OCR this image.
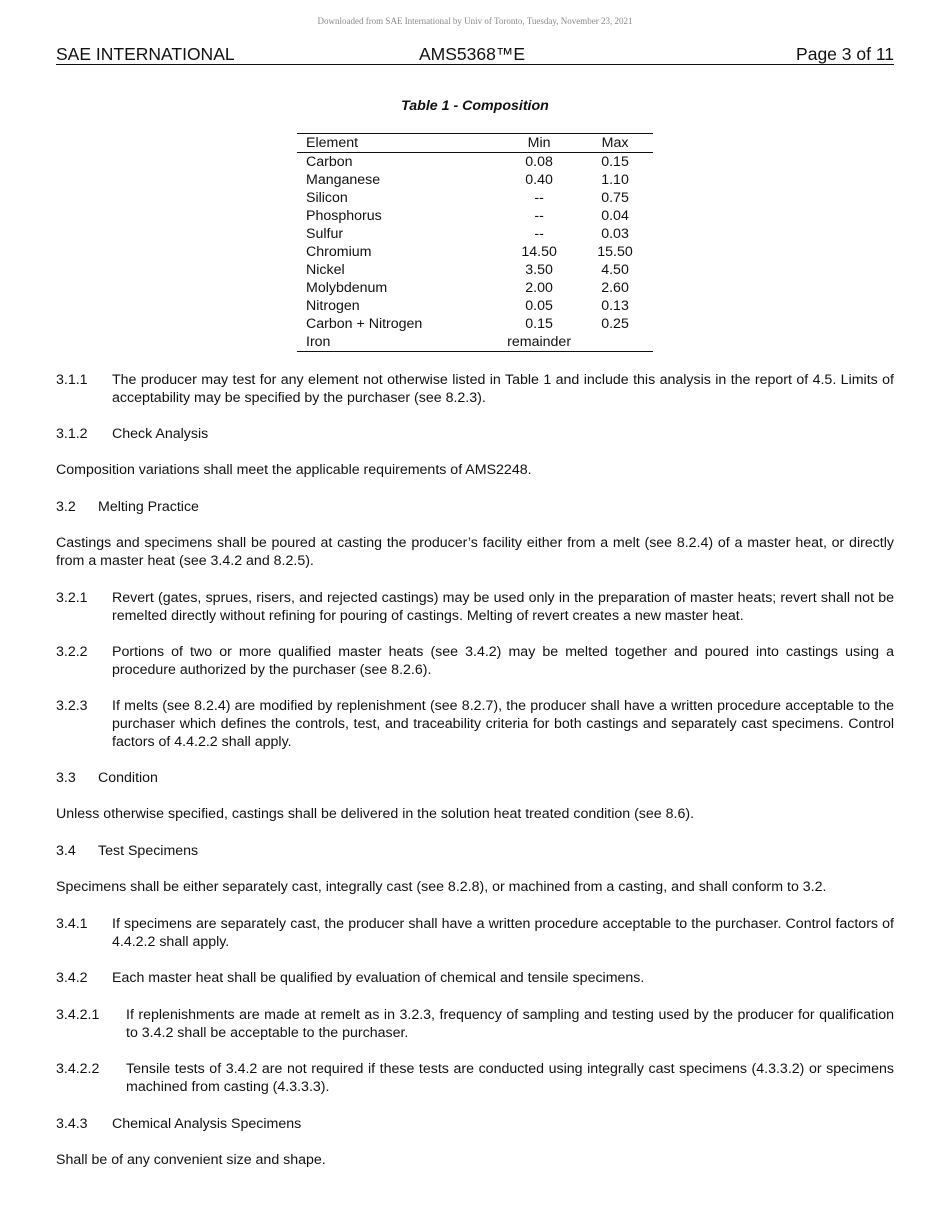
Downloaded from SAE International by Univ of Toronto, Tuesday, November 23, 2021
SAE INTERNATIONAL	AMS5368™E	Page 3 of 11
Table 1 - Composition
Element	Min	Max
Carbon	0.08	0.15
Manganese	0.40	1.10
Silicon	--	0.75
Phosphorus	--	0.04
Sulfur	--	0.03
Chromium	14.50	15.50
Nickel	3.50	4.50
Molybdenum	2.00	2.60
Nitrogen	0.05	0.13
Carbon + Nitrogen	0.15	0.25
Iron	remainder	
3.1.1 The producer may test for any element not otherwise listed in Table 1 and include this analysis in the report of 4.5. Limits of acceptability may be specified by the purchaser (see 8.2.3).
3.1.2 Check Analysis
Composition variations shall meet the applicable requirements of AMS2248.
3.2 Melting Practice
Castings and specimens shall be poured at casting the producer’s facility either from a melt (see 8.2.4) of a master heat, or directly from a master heat (see 3.4.2 and 8.2.5).
3.2.1 Revert (gates, sprues, risers, and rejected castings) may be used only in the preparation of master heats; revert shall not be remelted directly without refining for pouring of castings. Melting of revert creates a new master heat.
3.2.2 Portions of two or more qualified master heats (see 3.4.2) may be melted together and poured into castings using a procedure authorized by the purchaser (see 8.2.6).
3.2.3 If melts (see 8.2.4) are modified by replenishment (see 8.2.7), the producer shall have a written procedure acceptable to the purchaser which defines the controls, test, and traceability criteria for both castings and separately cast specimens. Control factors of 4.4.2.2 shall apply.
3.3 Condition
Unless otherwise specified, castings shall be delivered in the solution heat treated condition (see 8.6).
3.4 Test Specimens
Specimens shall be either separately cast, integrally cast (see 8.2.8), or machined from a casting, and shall conform to 3.2.
3.4.1 If specimens are separately cast, the producer shall have a written procedure acceptable to the purchaser. Control factors of 4.4.2.2 shall apply.
3.4.2 Each master heat shall be qualified by evaluation of chemical and tensile specimens.
3.4.2.1 If replenishments are made at remelt as in 3.2.3, frequency of sampling and testing used by the producer for qualification to 3.4.2 shall be acceptable to the purchaser.
3.4.2.2 Tensile tests of 3.4.2 are not required if these tests are conducted using integrally cast specimens (4.3.3.2) or specimens machined from casting (4.3.3.3).
3.4.3 Chemical Analysis Specimens
Shall be of any convenient size and shape.
